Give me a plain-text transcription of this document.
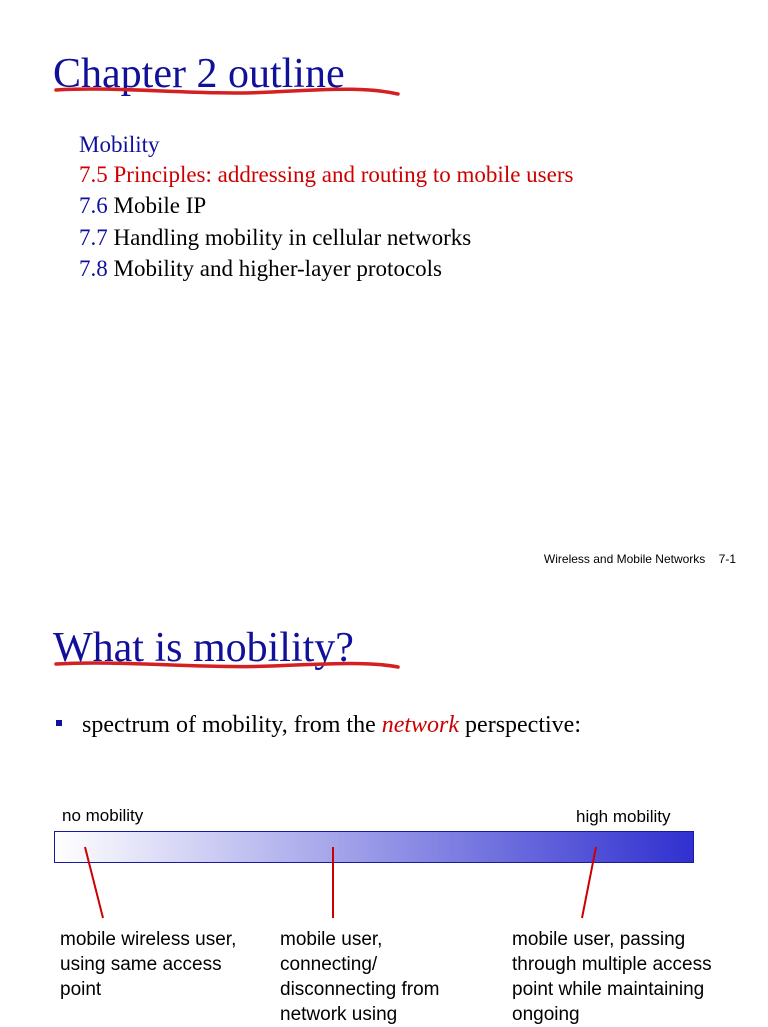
Chapter 2 outline
Mobility
7.5 Principles: addressing and routing to mobile users
7.6 Mobile IP
7.7 Handling mobility in cellular networks
7.8 Mobility and higher-layer protocols
Wireless and Mobile Networks 7-1
What is mobility?
spectrum of mobility, from the network perspective:
no mobility	high mobility
mobile wireless user, using same access point
mobile user, connecting/ disconnecting from network using
mobile user, passing through multiple access point while maintaining ongoing
